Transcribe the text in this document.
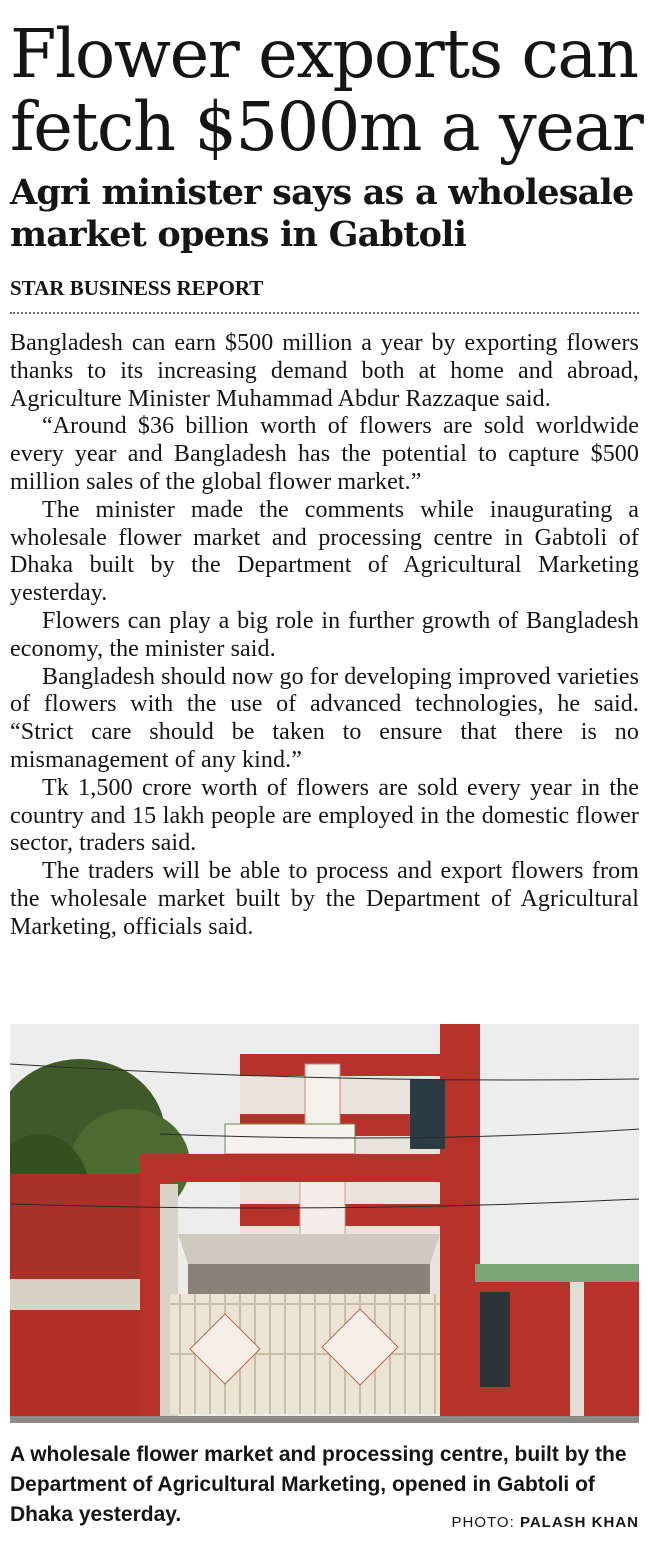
Flower exports can
fetch $500m a year
Agri minister says as a wholesale
market opens in Gabtoli
STAR BUSINESS REPORT

Bangladesh can earn $500 million a year by exporting flowers thanks to its increasing demand both at home and abroad, Agriculture Minister Muhammad Abdur Razzaque said.

“Around $36 billion worth of flowers are sold worldwide every year and Bangladesh has the potential to capture $500 million sales of the global flower market.”

The minister made the comments while inaugurating a wholesale flower market and processing centre in Gabtoli of Dhaka built by the Department of Agricultural Marketing yesterday.

Flowers can play a big role in further growth of Bangladesh economy, the minister said.

Bangladesh should now go for developing improved varieties of flowers with the use of advanced technologies, he said. “Strict care should be taken to ensure that there is no mismanagement of any kind.”

Tk 1,500 crore worth of flowers are sold every year in the country and 15 lakh people are employed in the domestic flower sector, traders said.

The traders will be able to process and export flowers from the wholesale market built by the Department of Agricultural Marketing, officials said.

A wholesale flower market and processing centre, built by the Department of Agricultural Marketing, opened in Gabtoli of Dhaka yesterday.	PHOTO: PALASH KHAN
